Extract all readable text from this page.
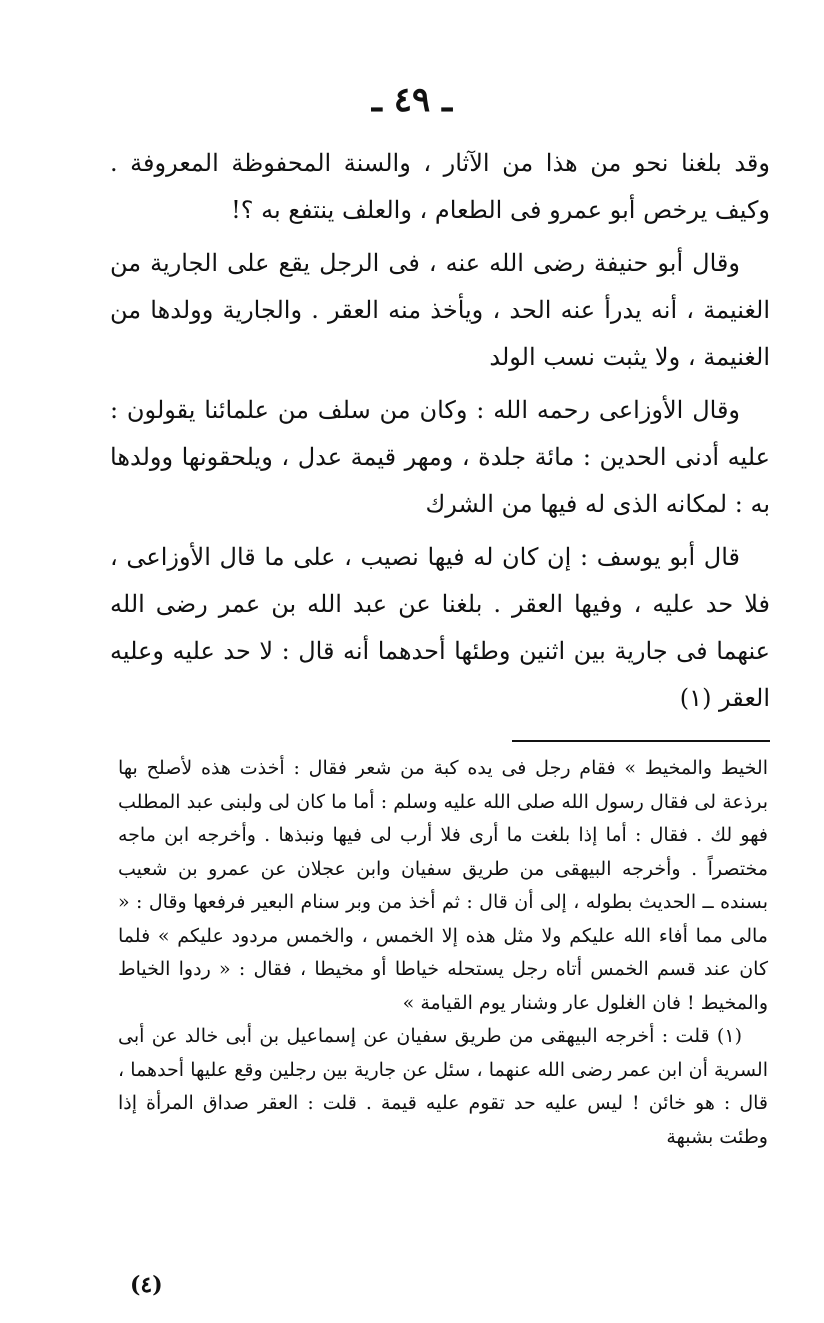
ـ ٤٩ ـ

وقد بلغنا نحو من هذا من الآثار ، والسنة المحفوظة المعروفة . وكيف يرخص أبو عمرو فى الطعام ، والعلف ينتفع به ؟!

وقال أبو حنيفة رضى الله عنه ، فى الرجل يقع على الجارية من الغنيمة ، أنه يدرأ عنه الحد ، ويأخذ منه العقر . والجارية وولدها من الغنيمة ، ولا يثبت نسب الولد

وقال الأوزاعى رحمه الله : وكان من سلف من علمائنا يقولون : عليه أدنى الحدين : مائة جلدة ، ومهر قيمة عدل ، ويلحقونها وولدها به : لمكانه الذى له فيها من الشرك

قال أبو يوسف : إن كان له فيها نصيب ، على ما قال الأوزاعى ، فلا حد عليه ، وفيها العقر . بلغنا عن عبد الله بن عمر رضى الله عنهما فى جارية بين اثنين وطئها أحدهما أنه قال : لا حد عليه وعليه العقر (١)

الخيط والمخيط » فقام رجل فى يده كبة من شعر فقال : أخذت هذه لأصلح بها برذعة لى فقال رسول الله صلى الله عليه وسلم : أما ما كان لى ولبنى عبد المطلب فهو لك . فقال : أما إذا بلغت ما أرى فلا أرب لى فيها ونبذها . وأخرجه ابن ماجه مختصراً . وأخرجه البيهقى من طريق سفيان وابن عجلان عن عمرو بن شعيب بسنده ــ الحديث بطوله ، إلى أن قال : ثم أخذ من وبر سنام البعير فرفعها وقال : « مالى مما أفاء الله عليكم ولا مثل هذه إلا الخمس ، والخمس مردود عليكم » فلما كان عند قسم الخمس أتاه رجل يستحله خياطا أو مخيطا ، فقال : « ردوا الخياط والمخيط ! فان الغلول عار وشنار يوم القيامة »

(١) قلت : أخرجه البيهقى من طريق سفيان عن إسماعيل بن أبى خالد عن أبى السرية أن ابن عمر رضى الله عنهما ، سئل عن جارية بين رجلين وقع عليها أحدهما ، قال : هو خائن ! ليس عليه حد تقوم عليه قيمة . قلت : العقر صداق المرأة إذا وطئت بشبهة

(٤)
